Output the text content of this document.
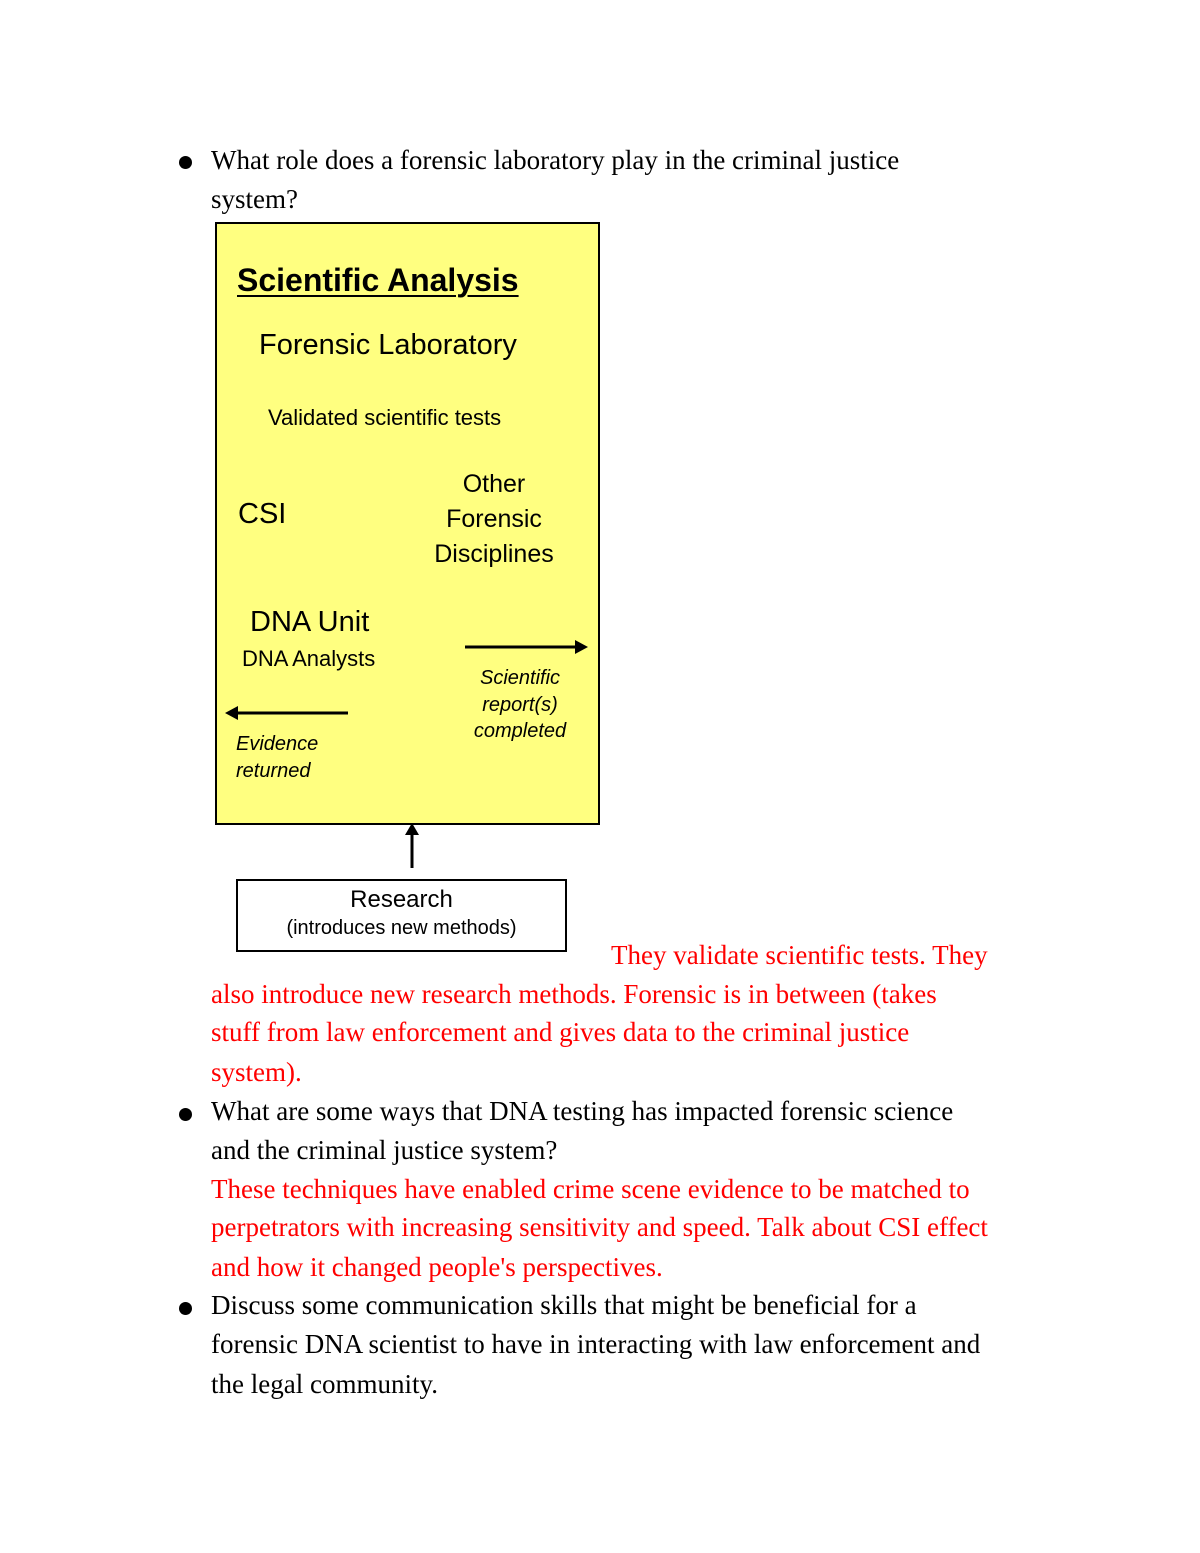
What role does a forensic laboratory play in the criminal justice
system?
Scientific Analysis
Forensic Laboratory
Validated scientific tests
CSI
Other
Forensic
Disciplines
DNA Unit
DNA Analysts
Scientific
report(s)
completed
Evidence
returned
Research
(introduces new methods)
They validate scientific tests. They
also introduce new research methods. Forensic is in between (takes
stuff from law enforcement and gives data to the criminal justice
system).
What are some ways that DNA testing has impacted forensic science
and the criminal justice system?
These techniques have enabled crime scene evidence to be matched to
perpetrators with increasing sensitivity and speed. Talk about CSI effect
and how it changed people's perspectives.
Discuss some communication skills that might be beneficial for a
forensic DNA scientist to have in interacting with law enforcement and
the legal community.
